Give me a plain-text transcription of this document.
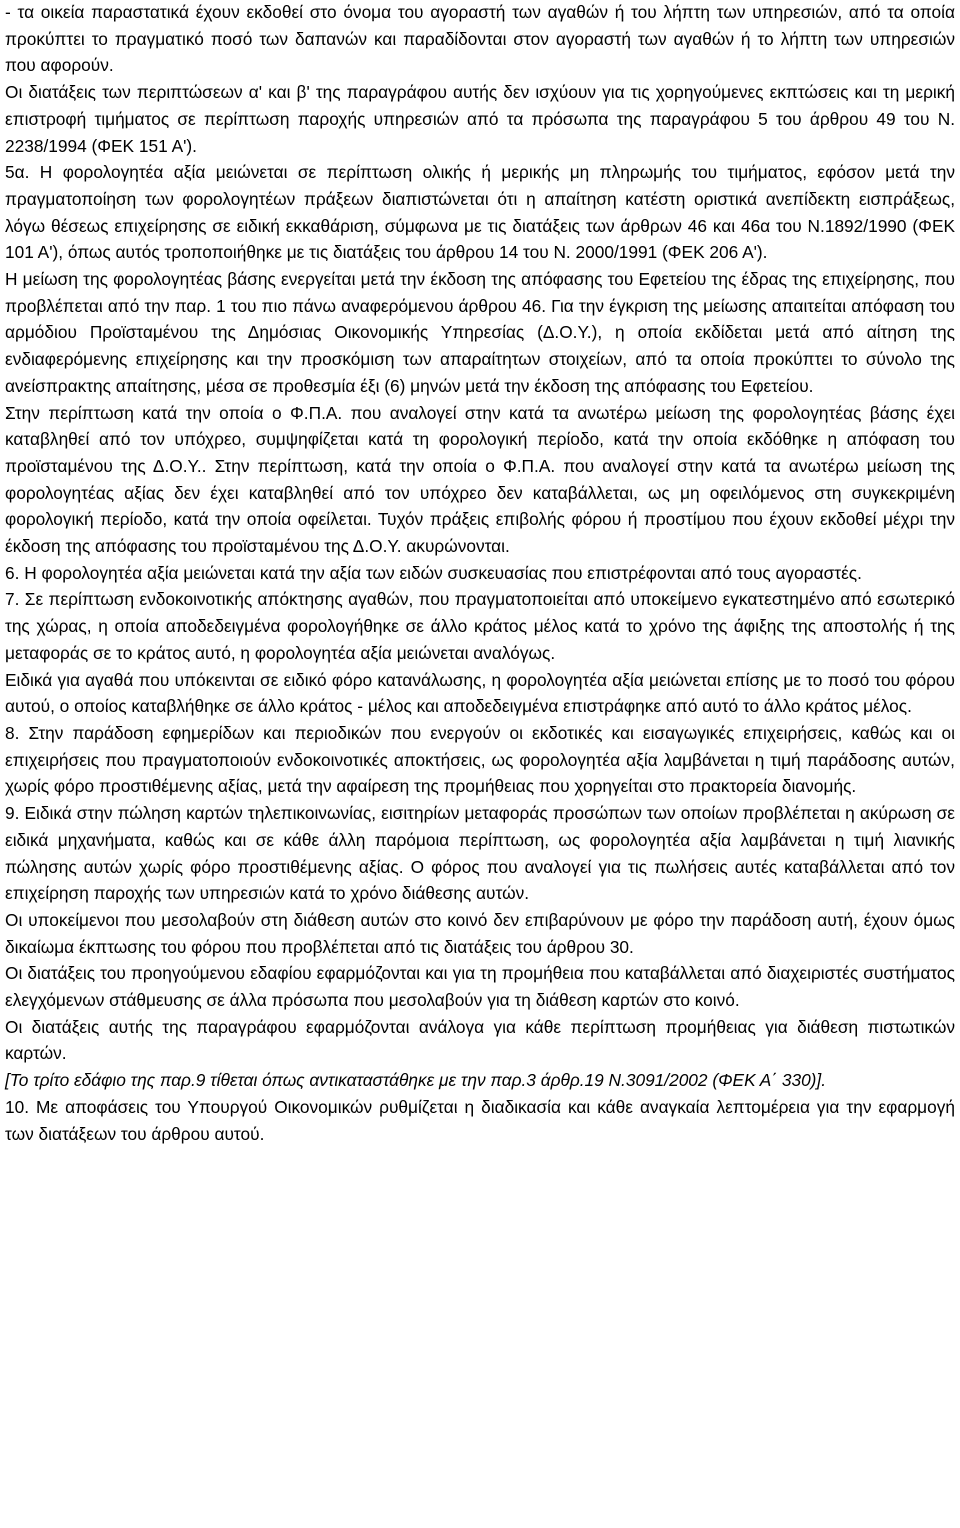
- τα οικεία παραστατικά έχουν εκδοθεί στο όνομα του αγοραστή των αγαθών ή του λήπτη των υπηρεσιών, από τα οποία προκύπτει το πραγματικό ποσό των δαπανών και παραδίδονται στον αγοραστή των αγαθών ή το λήπτη των υπηρεσιών που αφορούν.

Οι διατάξεις των περιπτώσεων α' και β' της παραγράφου αυτής δεν ισχύουν για τις χορηγούμενες εκπτώσεις και τη μερική επιστροφή τιμήματος σε περίπτωση παροχής υπηρεσιών από τα πρόσωπα της παραγράφου 5 του άρθρου 49 του Ν. 2238/1994 (ΦΕΚ 151 Α').

5α. Η φορολογητέα αξία μειώνεται σε περίπτωση ολικής ή μερικής μη πληρωμής του τιμήματος, εφόσον μετά την πραγματοποίηση των φορολογητέων πράξεων διαπιστώνεται ότι η απαίτηση κατέστη οριστικά ανεπίδεκτη εισπράξεως, λόγω θέσεως επιχείρησης σε ειδική εκκαθάριση, σύμφωνα με τις διατάξεις των άρθρων 46 και 46α του Ν.1892/1990 (ΦΕΚ 101 Α'), όπως αυτός τροποποιήθηκε με τις διατάξεις του άρθρου 14 του Ν. 2000/1991 (ΦΕΚ 206 Α').

Η μείωση της φορολογητέας βάσης ενεργείται μετά την έκδοση της απόφασης του Εφετείου της έδρας της επιχείρησης, που προβλέπεται από την παρ. 1 του πιο πάνω αναφερόμενου άρθρου 46. Για την έγκριση της μείωσης απαιτείται απόφαση του αρμόδιου Προϊσταμένου της Δημόσιας Οικονομικής Υπηρεσίας (Δ.Ο.Υ.), η οποία εκδίδεται μετά από αίτηση της ενδιαφερόμενης επιχείρησης και την προσκόμιση των απαραίτητων στοιχείων, από τα οποία προκύπτει το σύνολο της ανείσπρακτης απαίτησης, μέσα σε προθεσμία έξι (6) μηνών μετά την έκδοση της απόφασης του Εφετείου.

Στην περίπτωση κατά την οποία ο Φ.Π.Α. που αναλογεί στην κατά τα ανωτέρω μείωση της φορολογητέας βάσης έχει καταβληθεί από τον υπόχρεο, συμψηφίζεται κατά τη φορολογική περίοδο, κατά την οποία εκδόθηκε η απόφαση του προϊσταμένου της Δ.Ο.Υ.. Στην περίπτωση, κατά την οποία ο Φ.Π.Α. που αναλογεί στην κατά τα ανωτέρω μείωση της φορολογητέας αξίας δεν έχει καταβληθεί από τον υπόχρεο δεν καταβάλλεται, ως μη οφειλόμενος στη συγκεκριμένη φορολογική περίοδο, κατά την οποία οφείλεται. Τυχόν πράξεις επιβολής φόρου ή προστίμου που έχουν εκδοθεί μέχρι την έκδοση της απόφασης του προϊσταμένου της Δ.Ο.Υ. ακυρώνονται.

6. Η φορολογητέα αξία μειώνεται κατά την αξία των ειδών συσκευασίας που επιστρέφονται από τους αγοραστές.

7. Σε περίπτωση ενδοκοινοτικής απόκτησης αγαθών, που πραγματοποιείται από υποκείμενο εγκατεστημένο από εσωτερικό της χώρας, η οποία αποδεδειγμένα φορολογήθηκε σε άλλο κράτος μέλος κατά το χρόνο της άφιξης της αποστολής ή της μεταφοράς σε το κράτος αυτό, η φορολογητέα αξία μειώνεται αναλόγως.

Ειδικά για αγαθά που υπόκεινται σε ειδικό φόρο κατανάλωσης, η φορολογητέα αξία μειώνεται επίσης με το ποσό του φόρου αυτού, ο οποίος καταβλήθηκε σε άλλο κράτος - μέλος και αποδεδειγμένα επιστράφηκε από αυτό το άλλο κράτος μέλος.

8. Στην παράδοση εφημερίδων και περιοδικών που ενεργούν οι εκδοτικές και εισαγωγικές επιχειρήσεις, καθώς και οι επιχειρήσεις που πραγματοποιούν ενδοκοινοτικές αποκτήσεις, ως φορολογητέα αξία λαμβάνεται η τιμή παράδοσης αυτών, χωρίς φόρο προστιθέμενης αξίας, μετά την αφαίρεση της προμήθειας που χορηγείται στο πρακτορεία διανομής.

9. Ειδικά στην πώληση καρτών τηλεπικοινωνίας, εισιτηρίων μεταφοράς προσώπων των οποίων προβλέπεται η ακύρωση σε ειδικά μηχανήματα, καθώς και σε κάθε άλλη παρόμοια περίπτωση, ως φορολογητέα αξία λαμβάνεται η τιμή λιανικής πώλησης αυτών χωρίς φόρο προστιθέμενης αξίας. Ο φόρος που αναλογεί για τις πωλήσεις αυτές καταβάλλεται από τον επιχείρηση παροχής των υπηρεσιών κατά το χρόνο διάθεσης αυτών.

Οι υποκείμενοι που μεσολαβούν στη διάθεση αυτών στο κοινό δεν επιβαρύνουν με φόρο την παράδοση αυτή, έχουν όμως δικαίωμα έκπτωσης του φόρου που προβλέπεται από τις διατάξεις του άρθρου 30.

Οι διατάξεις του προηγούμενου εδαφίου εφαρμόζονται και για τη προμήθεια που καταβάλλεται από διαχειριστές συστήματος ελεγχόμενων στάθμευσης σε άλλα πρόσωπα που μεσολαβούν για τη διάθεση καρτών στο κοινό.

Οι διατάξεις αυτής της παραγράφου εφαρμόζονται ανάλογα για κάθε περίπτωση προμήθειας για διάθεση πιστωτικών καρτών.

[Το τρίτο εδάφιο της παρ.9 τίθεται όπως αντικαταστάθηκε με την παρ.3 άρθρ.19 Ν.3091/2002 (ΦΕΚ Α΄ 330)].

10. Με αποφάσεις του Υπουργού Οικονομικών ρυθμίζεται η διαδικασία και κάθε αναγκαία λεπτομέρεια για την εφαρμογή των διατάξεων του άρθρου αυτού.
